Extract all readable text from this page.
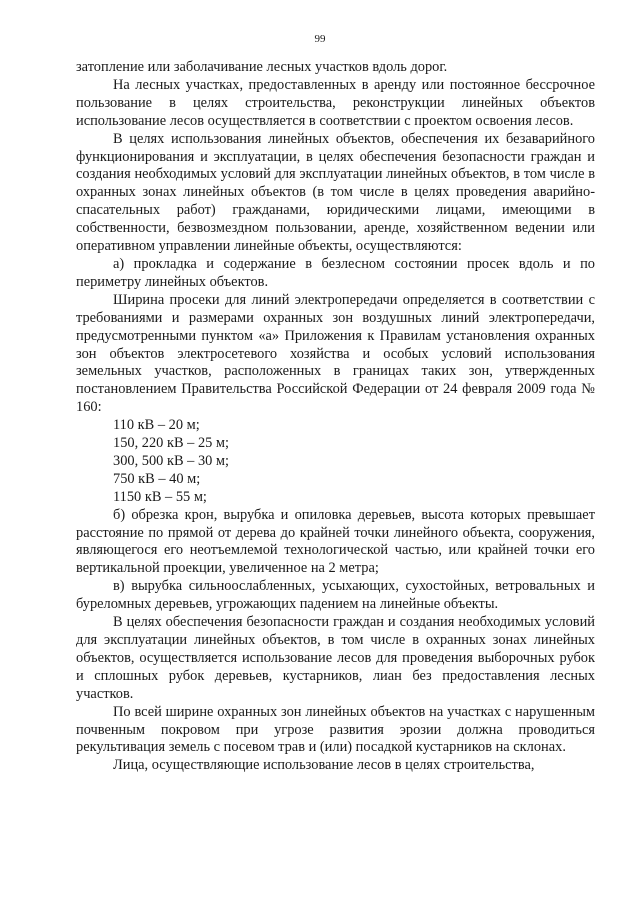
99

затопление или заболачивание лесных участков вдоль дорог.

На лесных участках, предоставленных в аренду или постоянное бессрочное пользование в целях строительства, реконструкции линейных объектов использование лесов осуществляется в соответствии с проектом освоения лесов.

В целях использования линейных объектов, обеспечения их безаварийного функционирования и эксплуатации, в целях обеспечения безопасности граждан и создания необходимых условий для эксплуатации линейных объектов, в том числе в охранных зонах линейных объектов (в том числе в целях проведения аварийно-спасательных работ) гражданами, юридическими лицами, имеющими в собственности, безвозмездном пользовании, аренде, хозяйственном ведении или оперативном управлении линейные объекты, осуществляются:

а) прокладка и содержание в безлесном состоянии просек вдоль и по периметру линейных объектов.

Ширина просеки для линий электропередачи определяется в соответствии с требованиями и размерами охранных зон воздушных линий электропередачи, предусмотренными пунктом «а» Приложения к Правилам установления охранных зон объектов электросетевого хозяйства и особых условий использования земельных участков, расположенных в границах таких зон, утвержденных постановлением Правительства Российской Федерации от 24 февраля 2009 года № 160:

110 кВ – 20 м;

150, 220 кВ – 25 м;

300, 500 кВ – 30 м;

750 кВ – 40 м;

1150 кВ – 55 м;

б) обрезка крон, вырубка и опиловка деревьев, высота которых превышает расстояние по прямой от дерева до крайней точки линейного объекта, сооружения, являющегося его неотъемлемой технологической частью, или крайней точки его вертикальной проекции, увеличенное на 2 метра;

в) вырубка сильноослабленных, усыхающих, сухостойных, ветровальных и буреломных деревьев, угрожающих падением на линейные объекты.

В целях обеспечения безопасности граждан и создания необходимых условий для эксплуатации линейных объектов, в том числе в охранных зонах линейных объектов, осуществляется использование лесов для проведения выборочных рубок и сплошных рубок деревьев, кустарников, лиан без предоставления лесных участков.

По всей ширине охранных зон линейных объектов на участках с нарушенным почвенным покровом при угрозе развития эрозии должна проводиться рекультивация земель с посевом трав и (или) посадкой кустарников на склонах.

Лица, осуществляющие использование лесов в целях строительства,
